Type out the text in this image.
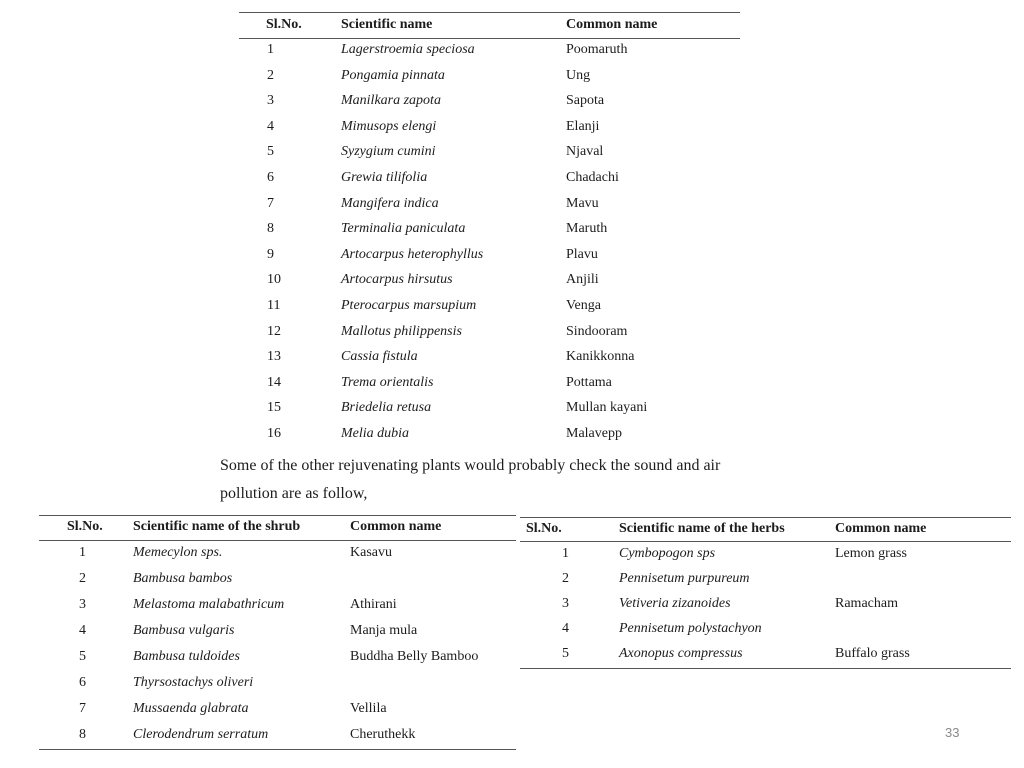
Sl.No.	Scientific name	Common name
1	Lagerstroemia speciosa	Poomaruth
2	Pongamia pinnata	Ung
3	Manilkara zapota	Sapota
4	Mimusops elengi	Elanji
5	Syzygium cumini	Njaval
6	Grewia tilifolia	Chadachi
7	Mangifera indica	Mavu
8	Terminalia paniculata	Maruth
9	Artocarpus heterophyllus	Plavu
10	Artocarpus hirsutus	Anjili
11	Pterocarpus marsupium	Venga
12	Mallotus philippensis	Sindooram
13	Cassia fistula	Kanikkonna
14	Trema orientalis	Pottama
15	Briedelia retusa	Mullan kayani
16	Melia dubia	Malavepp
Some of the other rejuvenating plants would probably check the sound and air pollution are as follow,
Sl.No. Scientific name of the shrub	Common name
1	Memecylon sps.	Kasavu
2	Bambusa bambos
3	Melastoma malabathricum	Athirani
4	Bambusa vulgaris	Manja mula
5	Bambusa tuldoides	Buddha Belly Bamboo
6	Thyrsostachys oliveri
7	Mussaenda glabrata	Vellila
8	Clerodendrum serratum	Cheruthekk
Sl.No.	Scientific name of the herbs	Common name
1	Cymbopogon sps	Lemon grass
2	Pennisetum purpureum
3	Vetiveria zizanoides	Ramacham
4	Pennisetum polystachyon
5	Axonopus compressus	Buffalo grass
33
